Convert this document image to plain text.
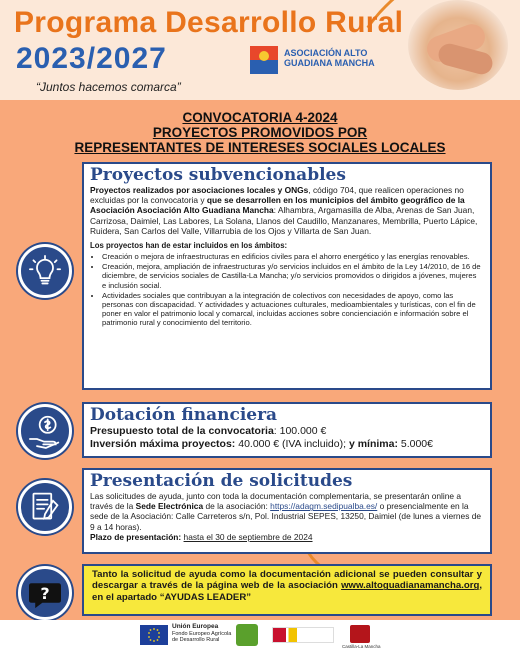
Programa Desarrollo Rural
2023/2027
“Juntos hacemos comarca”
ASOCIACIÓN ALTO GUADIANA MANCHA
CONVOCATORIA 4-2024
PROYECTOS PROMOVIDOS POR
REPRESENTANTES DE INTERESES SOCIALES LOCALES
?
Proyectos subvencionables

Proyectos realizados por asociaciones locales y ONGs, código 704, que realicen operaciones no excluidas por la convocatoria y que se desarrollen en los municipios del ámbito geográfico de la Asociación Asociación Alto Guadiana Mancha: Alhambra, Argamasilla de Alba, Arenas de San Juan, Carrizosa, Daimiel, Las Labores, La Solana, Llanos del Caudillo, Manzanares, Membrilla, Puerto Lápice, Ruidera, San Carlos del Valle, Villarrubia de los Ojos y Villarta de San Juan.

Los proyectos han de estar incluidos en los ámbitos:

• Creación o mejora de infraestructuras en edificios civiles para el ahorro energético y las energías renovables.
• Creación, mejora, ampliación de infraestructuras y/o servicios incluidos en el ámbito de la Ley 14/2010, de 16 de diciembre, de servicios sociales de Castilla-La Mancha; y/o servicios promovidos o dirigidos a jóvenes, mujeres e inclusión social.
• Actividades sociales que contribuyan a la integración de colectivos con necesidades de apoyo, como las personas con discapacidad. Y actividades y actuaciones culturales, medioambientales y turísticas, con el fin de poner en valor el patrimonio local y comarcal, incluidas acciones sobre concienciación e información sobre el patrimonio rural y conocimiento del territorio.
Dotación financiera

Presupuesto total de la convocatoria: 100.000 €

Inversión máxima proyectos: 40.000 € (IVA incluido); y mínima: 5.000€

Presentación de solicitudes

Las solicitudes de ayuda, junto con toda la documentación complementaria, se presentarán online a través de la Sede Electrónica de la asociación: https://adagm.sedipualba.es/ o presencialmente en la sede de la Asociación: Calle Carreteros s/n, Pol. Industrial SEPES, 13250, Daimiel (de lunes a viernes de 9 a 14 horas).

Plazo de presentación: hasta el 30 de septiembre de 2024

Tanto la solicitud de ayuda como la documentación adicional se pueden consultar y descargar a través de la página web de la asociación www.altoguadianamancha.org, en el apartado “AYUDAS LEADER”
Unión Europea
Fondo Europeo Agrícola de Desarrollo Rural
Castilla-La Mancha
